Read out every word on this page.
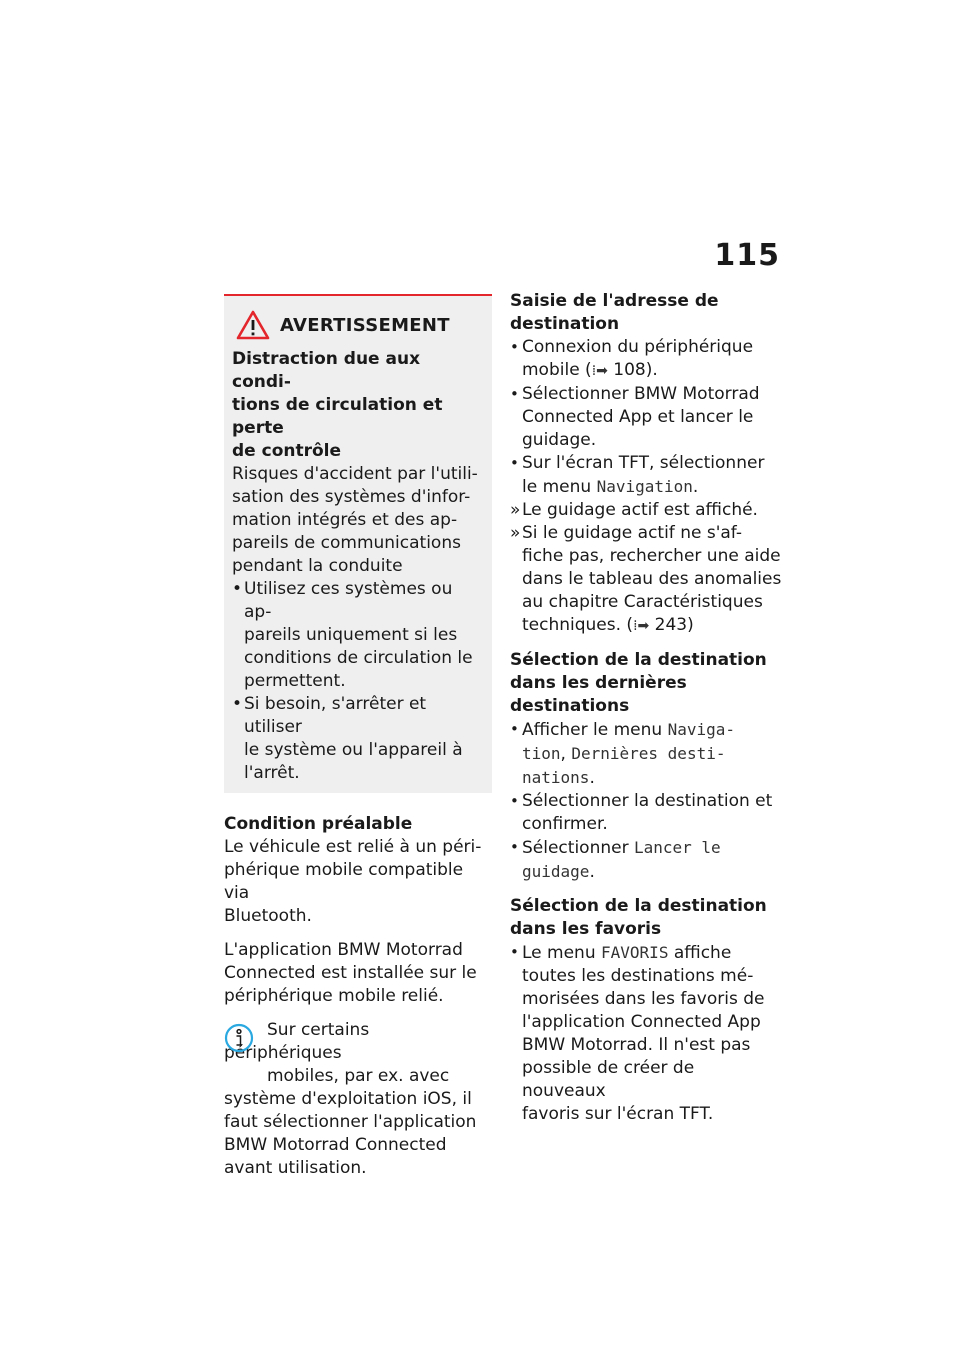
115
AVERTISSEMENT

Distraction due aux condi-
tions de circulation et perte
de contrôle

Risques d'accident par l'utili-
sation des systèmes d'infor-
mation intégrés et des ap-
pareils de communications
pendant la conduite

• Utilisez ces systèmes ou ap-
pareils uniquement si les
conditions de circulation le
permettent.
• Si besoin, s'arrêter et utiliser
le système ou l'appareil à
l'arrêt.

Condition préalable

Le véhicule est relié à un péri-
phérique mobile compatible via
Bluetooth.

L'application BMW Motorrad
Connected est installée sur le
périphérique mobile relié.

Sur certains périphériques
mobiles, par ex. avec
système d'exploitation iOS, il
faut sélectionner l'application
BMW Motorrad Connected
avant utilisation.

Saisie de l'adresse de
destination

• Connexion du périphérique
mobile (⁞➡ 108).
• Sélectionner BMW Motorrad
Connected App et lancer le
guidage.
• Sur l'écran TFT, sélectionner
le menu Navigation.
» Le guidage actif est affiché.
» Si le guidage actif ne s'af-
fiche pas, rechercher une aide
dans le tableau des anomalies
au chapitre Caractéristiques
techniques. (⁞➡ 243)

Sélection de la destination
dans les dernières
destinations

• Afficher le menu Naviga-
tion, Dernières desti-
nations.
• Sélectionner la destination et
confirmer.
• Sélectionner Lancer le
guidage.

Sélection de la destination
dans les favoris

• Le menu FAVORIS affiche
toutes les destinations mé-
morisées dans les favoris de
l'application Connected App
BMW Motorrad. Il n'est pas
possible de créer de nouveaux
favoris sur l'écran TFT.
